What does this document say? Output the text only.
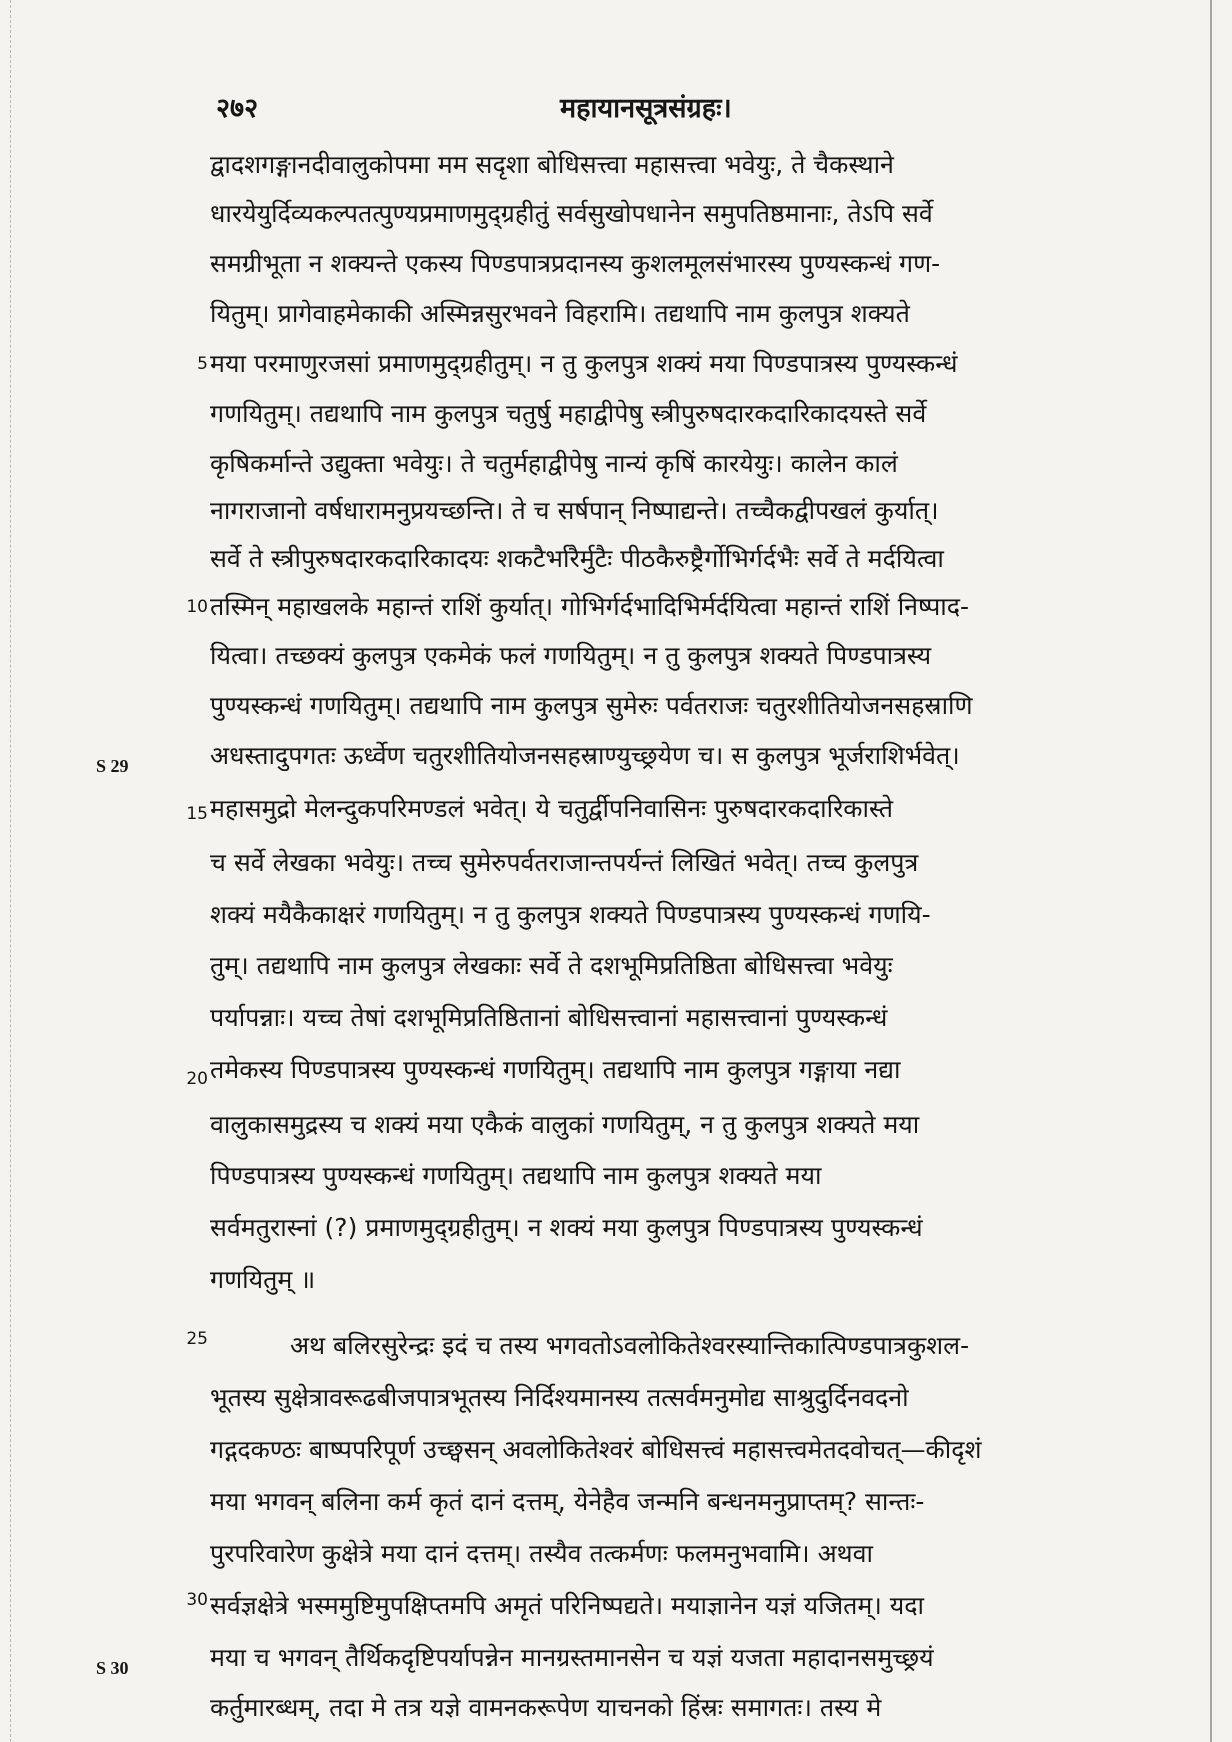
२७२	महायानसूत्रसंग्रहः।
S 29
S 30
5
10
15
20
25
30
द्वादशगङ्गानदीवालुकोपमा मम सदृशा बोधिसत्त्वा महासत्त्वा भवेयुः, ते चैकस्थाने
धारयेयुर्दिव्यकल्पतत्पुण्यप्रमाणमुद्ग्रहीतुं सर्वसुखोपधानेन समुपतिष्ठमानाः, तेऽपि सर्वे
समग्रीभूता न शक्यन्ते एकस्य पिण्डपात्रप्रदानस्य कुशलमूलसंभारस्य पुण्यस्कन्धं गण-
यितुम्। प्रागेवाहमेकाकी अस्मिन्नसुरभवने विहरामि। तद्यथापि नाम कुलपुत्र शक्यते
मया परमाणुरजसां प्रमाणमुद्ग्रहीतुम्। न तु कुलपुत्र शक्यं मया पिण्डपात्रस्य पुण्यस्कन्धं
गणयितुम्। तद्यथापि नाम कुलपुत्र चतुर्षु महाद्वीपेषु स्त्रीपुरुषदारकदारिकादयस्ते सर्वे
कृषिकर्मान्ते उद्युक्ता भवेयुः। ते चतुर्महाद्वीपेषु नान्यं कृषिं कारयेयुः। कालेन कालं
नागराजानो वर्षधारामनुप्रयच्छन्ति। ते च सर्षपान् निष्पाद्यन्ते। तच्चैकद्वीपखलं कुर्यात्।
सर्वे ते स्त्रीपुरुषदारकदारिकादयः शकटैर्भारैर्मुटैः पीठकैरुष्ट्रैर्गोभिर्गर्दभैः सर्वे ते मर्दयित्वा
तस्मिन् महाखलके महान्तं राशिं कुर्यात्। गोभिर्गर्दभादिभिर्मर्दयित्वा महान्तं राशिं निष्पाद-
यित्वा। तच्छक्यं कुलपुत्र एकमेकं फलं गणयितुम्। न तु कुलपुत्र शक्यते पिण्डपात्रस्य
पुण्यस्कन्धं गणयितुम्। तद्यथापि नाम कुलपुत्र सुमेरुः पर्वतराजः चतुरशीतियोजनसहस्राणि
अधस्तादुपगतः ऊर्ध्वेण चतुरशीतियोजनसहस्राण्युच्छ्रयेण च। स कुलपुत्र भूर्जराशिर्भवेत्।
महासमुद्रो मेलन्दुकपरिमण्डलं भवेत्। ये चतुर्द्वीपनिवासिनः पुरुषदारकदारिकास्ते
च सर्वे लेखका भवेयुः। तच्च सुमेरुपर्वतराजान्तपर्यन्तं लिखितं भवेत्। तच्च कुलपुत्र
शक्यं मयैकैकाक्षरं गणयितुम्। न तु कुलपुत्र शक्यते पिण्डपात्रस्य पुण्यस्कन्धं गणयि-
तुम्। तद्यथापि नाम कुलपुत्र लेखकाः सर्वे ते दशभूमिप्रतिष्ठिता बोधिसत्त्वा भवेयुः
पर्यापन्नाः। यच्च तेषां दशभूमिप्रतिष्ठितानां बोधिसत्त्वानां महासत्त्वानां पुण्यस्कन्धं
तमेकस्य पिण्डपात्रस्य पुण्यस्कन्धं गणयितुम्। तद्यथापि नाम कुलपुत्र गङ्गाया नद्या
वालुकासमुद्रस्य च शक्यं मया एकैकं वालुकां गणयितुम्, न तु कुलपुत्र शक्यते मया
पिण्डपात्रस्य पुण्यस्कन्धं गणयितुम्। तद्यथापि नाम कुलपुत्र शक्यते मया
सर्वमतुरास्नां (?) प्रमाणमुद्ग्रहीतुम्। न शक्यं मया कुलपुत्र पिण्डपात्रस्य पुण्यस्कन्धं
गणयितुम् ॥
अथ बलिरसुरेन्द्रः इदं च तस्य भगवतोऽवलोकितेश्वरस्यान्तिकात्पिण्डपात्रकुशल-
भूतस्य सुक्षेत्रावरूढबीजपात्रभूतस्य निर्दिश्यमानस्य तत्सर्वमनुमोद्य साश्रुदुर्दिनवदनो
गद्गदकण्ठः बाष्पपरिपूर्ण उच्छ्वसन् अवलोकितेश्वरं बोधिसत्त्वं महासत्त्वमेतदवोचत्—कीदृशं
मया भगवन् बलिना कर्म कृतं दानं दत्तम्, येनेहैव जन्मनि बन्धनमनुप्राप्तम्? सान्तः-
पुरपरिवारेण कुक्षेत्रे मया दानं दत्तम्। तस्यैव तत्कर्मणः फलमनुभवामि। अथवा
सर्वज्ञक्षेत्रे भस्ममुष्टिमुपक्षिप्तमपि अमृतं परिनिष्पद्यते। मयाज्ञानेन यज्ञं यजितम्। यदा
मया च भगवन् तैर्थिकदृष्टिपर्यापन्नेन मानग्रस्तमानसेन च यज्ञं यजता महादानसमुच्छ्रयं
कर्तुमारब्धम्, तदा मे तत्र यज्ञे वामनकरूपेण याचनको हिंस्रः समागतः। तस्य मे
